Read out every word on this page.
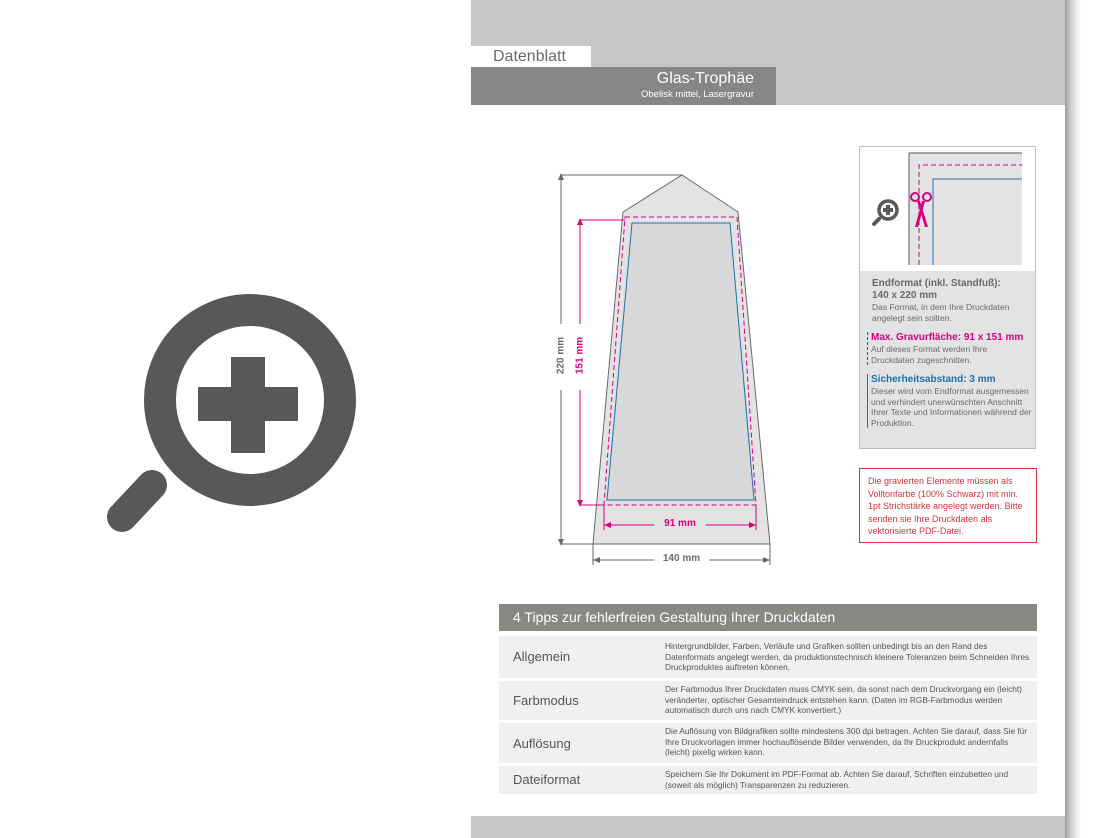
Datenblatt
Glas-Trophäe
Obelisk mittel, Lasergravur
220 mm 151 mm
91 mm
140 mm
Endformat (inkl. Standfuß):
140 x 220 mm
Das Format, in dem Ihre Druckdaten angelegt sein sollten.
Max. Gravurfläche: 91 x 151 mm
Auf dieses Format werden Ihre Druckdaten zugeschnitten.
Sicherheitsabstand: 3 mm
Dieser wird vom Endformat ausgemessen und verhindert unerwünschten Anschnitt Ihrer Texte und Informationen während der Produktion.
Die gravierten Elemente müssen als Volltonfarbe (100% Schwarz) mit min. 1pt Strichstärke angelegt werden. Bitte senden sie Ihre Druckdaten als vektorisierte PDF-Datei.
4 Tipps zur fehlerfreien Gestaltung Ihrer Druckdaten
Allgemein
Hintergrundbilder, Farben, Verläufe und Grafiken sollten unbedingt bis an den Rand des Datenformats angelegt werden, da produktionstechnisch kleinere Toleranzen beim Schneiden Ihres Druckproduktes auftreten können.
Farbmodus
Der Farbmodus Ihrer Druckdaten muss CMYK sein, da sonst nach dem Druckvorgang ein (leicht) veränderter, optischer Gesamteindruck entstehen kann. (Daten im RGB-Farbmodus werden automatisch durch uns nach CMYK konvertiert.)
Auflösung
Die Auflösung von Bildgrafiken sollte mindestens 300 dpi betragen. Achten Sie darauf, dass Sie für Ihre Druckvorlagen immer hochauflösende Bilder verwenden, da Ihr Druckprodukt andernfalls (leicht) pixelig wirken kann.
Dateiformat	Speichern Sie Ihr Dokument im PDF-Format ab. Achten Sie darauf, Schriften einzubetten und (soweit als möglich) Transparenzen zu reduzieren.
